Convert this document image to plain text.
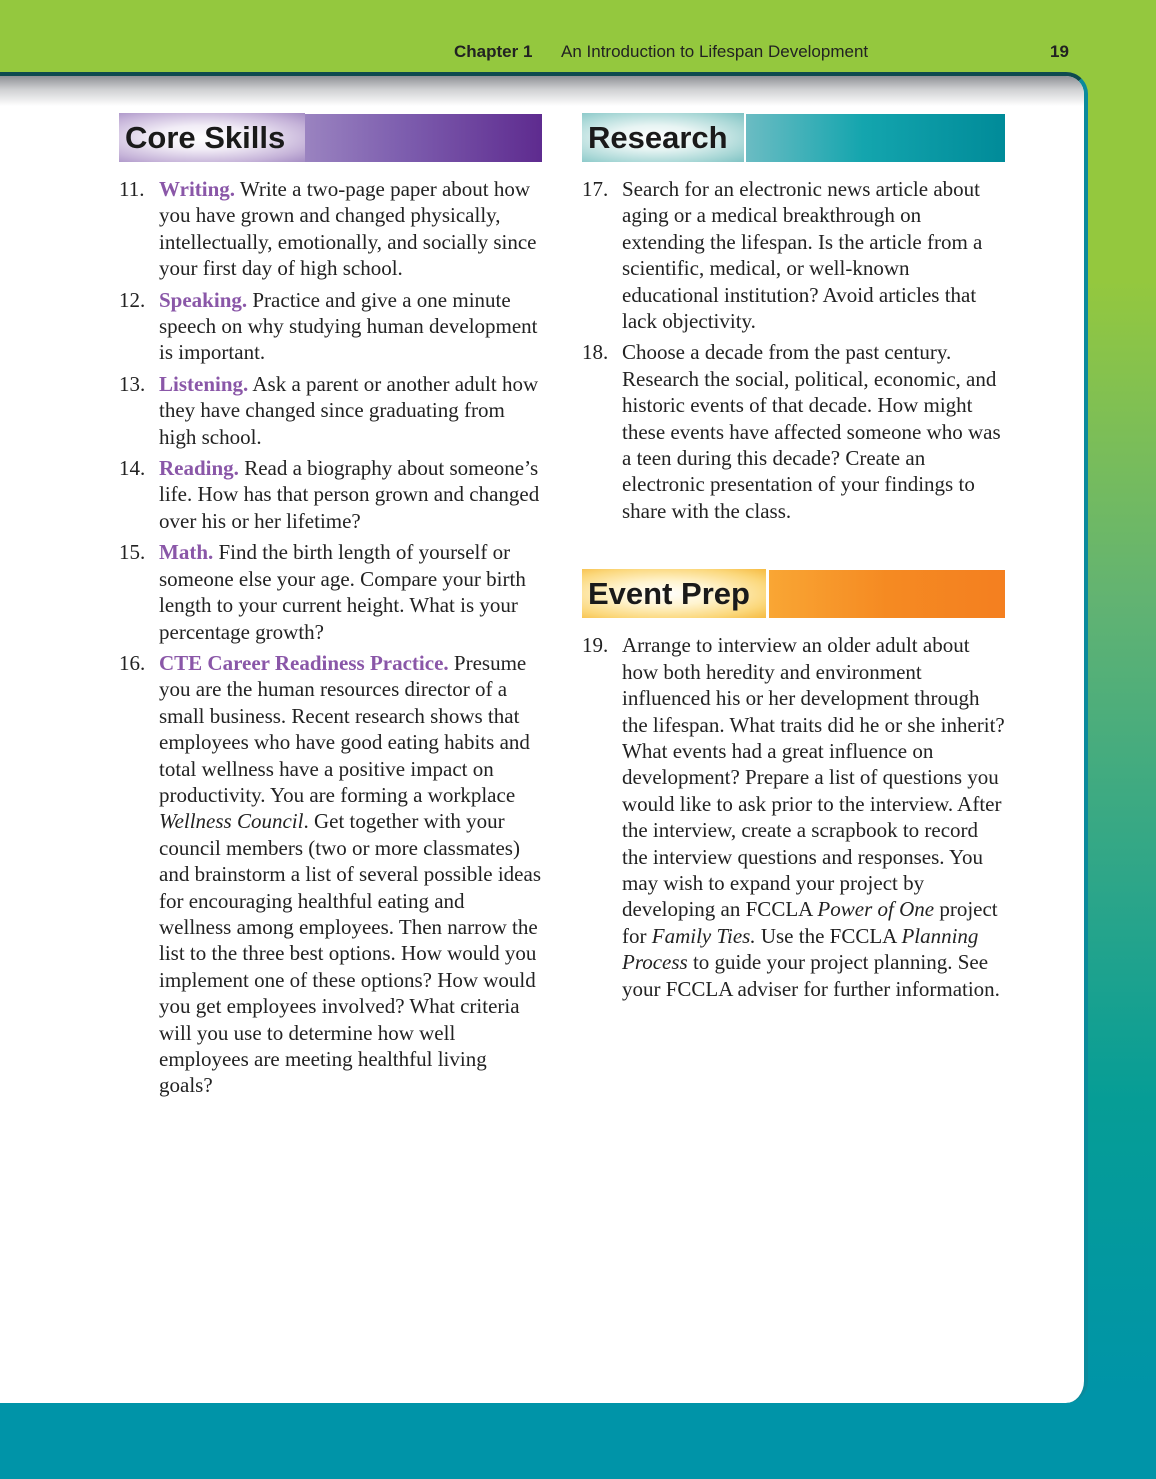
Chapter 1 An Introduction to Lifespan Development	19
Core Skills
11. Writing. Write a two-page paper about how you have grown and changed physically, intellectually, emotionally, and socially since your first day of high school.
12. Speaking. Practice and give a one minute speech on why studying human development is important.
13. Listening. Ask a parent or another adult how they have changed since graduating from high school.
14. Reading. Read a biography about someone’s life. How has that person grown and changed over his or her lifetime?
15. Math. Find the birth length of yourself or someone else your age. Compare your birth length to your current height. What is your percentage growth?
16. CTE Career Readiness Practice. Presume you are the human resources director of a small business. Recent research shows that employees who have good eating habits and total wellness have a positive impact on productivity. You are forming a workplace Wellness Council. Get together with your council members (two or more classmates) and brainstorm a list of several possible ideas for encouraging healthful eating and wellness among employees. Then narrow the list to the three best options. How would you implement one of these options? How would you get employees involved? What criteria will you use to determine how well employees are meeting healthful living goals?
Research
17. Search for an electronic news article about aging or a medical breakthrough on extending the lifespan. Is the article from a scientific, medical, or well-known educational institution? Avoid articles that lack objectivity.
18. Choose a decade from the past century. Research the social, political, economic, and historic events of that decade. How might these events have affected someone who was a teen during this decade? Create an electronic presentation of your findings to share with the class.
Event Prep
19. Arrange to interview an older adult about how both heredity and environment influenced his or her development through the lifespan. What traits did he or she inherit? What events had a great influence on development? Prepare a list of questions you would like to ask prior to the interview. After the interview, create a scrapbook to record the interview questions and responses. You may wish to expand your project by developing an FCCLA Power of One project for Family Ties. Use the FCCLA Planning Process to guide your project planning. See your FCCLA adviser for further information.
